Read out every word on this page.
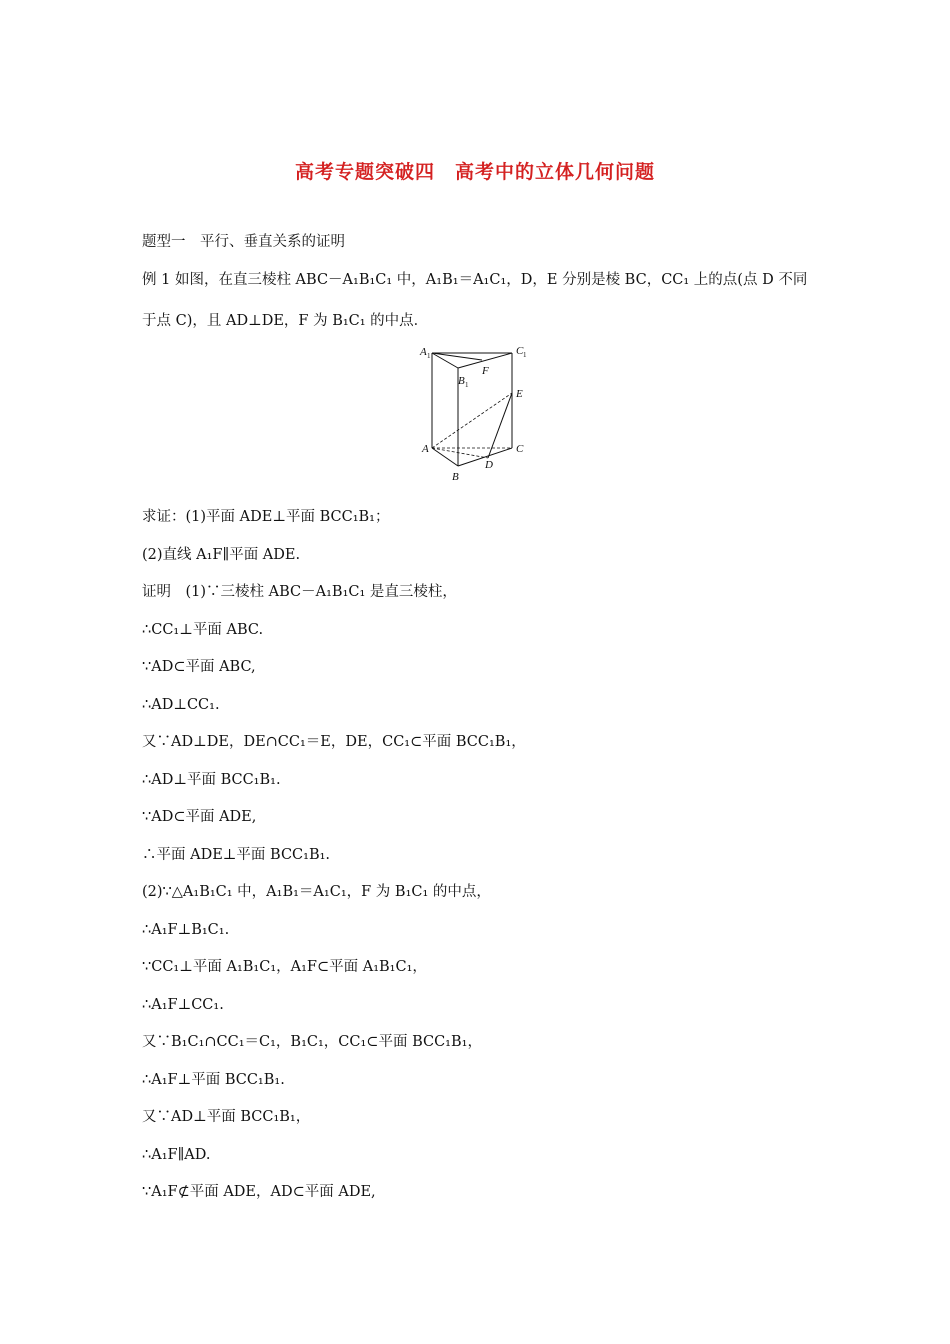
高考专题突破四　高考中的立体几何问题
题型一　平行、垂直关系的证明
例 1 如图，在直三棱柱 ABC－A₁B₁C₁ 中，A₁B₁＝A₁C₁，D，E 分别是棱 BC，CC₁ 上的点(点 D 不同
于点 C)，且 AD⊥DE，F 为 B₁C₁ 的中点．
A 1	C 1
B 1
F
E
A	C
D
B
求证：(1)平面 ADE⊥平面 BCC₁B₁；
(2)直线 A₁F∥平面 ADE.
证明　(1)∵三棱柱 ABC－A₁B₁C₁ 是直三棱柱，
∴CC₁⊥平面 ABC.
∵AD⊂平面 ABC,
∴AD⊥CC₁.
又∵AD⊥DE，DE∩CC₁＝E，DE，CC₁⊂平面 BCC₁B₁，
∴AD⊥平面 BCC₁B₁.
∵AD⊂平面 ADE,
∴平面 ADE⊥平面 BCC₁B₁.
(2)∵△A₁B₁C₁ 中，A₁B₁＝A₁C₁，F 为 B₁C₁ 的中点，
∴A₁F⊥B₁C₁.
∵CC₁⊥平面 A₁B₁C₁，A₁F⊂平面 A₁B₁C₁，
∴A₁F⊥CC₁.
又∵B₁C₁∩CC₁＝C₁，B₁C₁，CC₁⊂平面 BCC₁B₁，
∴A₁F⊥平面 BCC₁B₁.
又∵AD⊥平面 BCC₁B₁，
∴A₁F∥AD.
∵A₁F⊄平面 ADE，AD⊂平面 ADE,
